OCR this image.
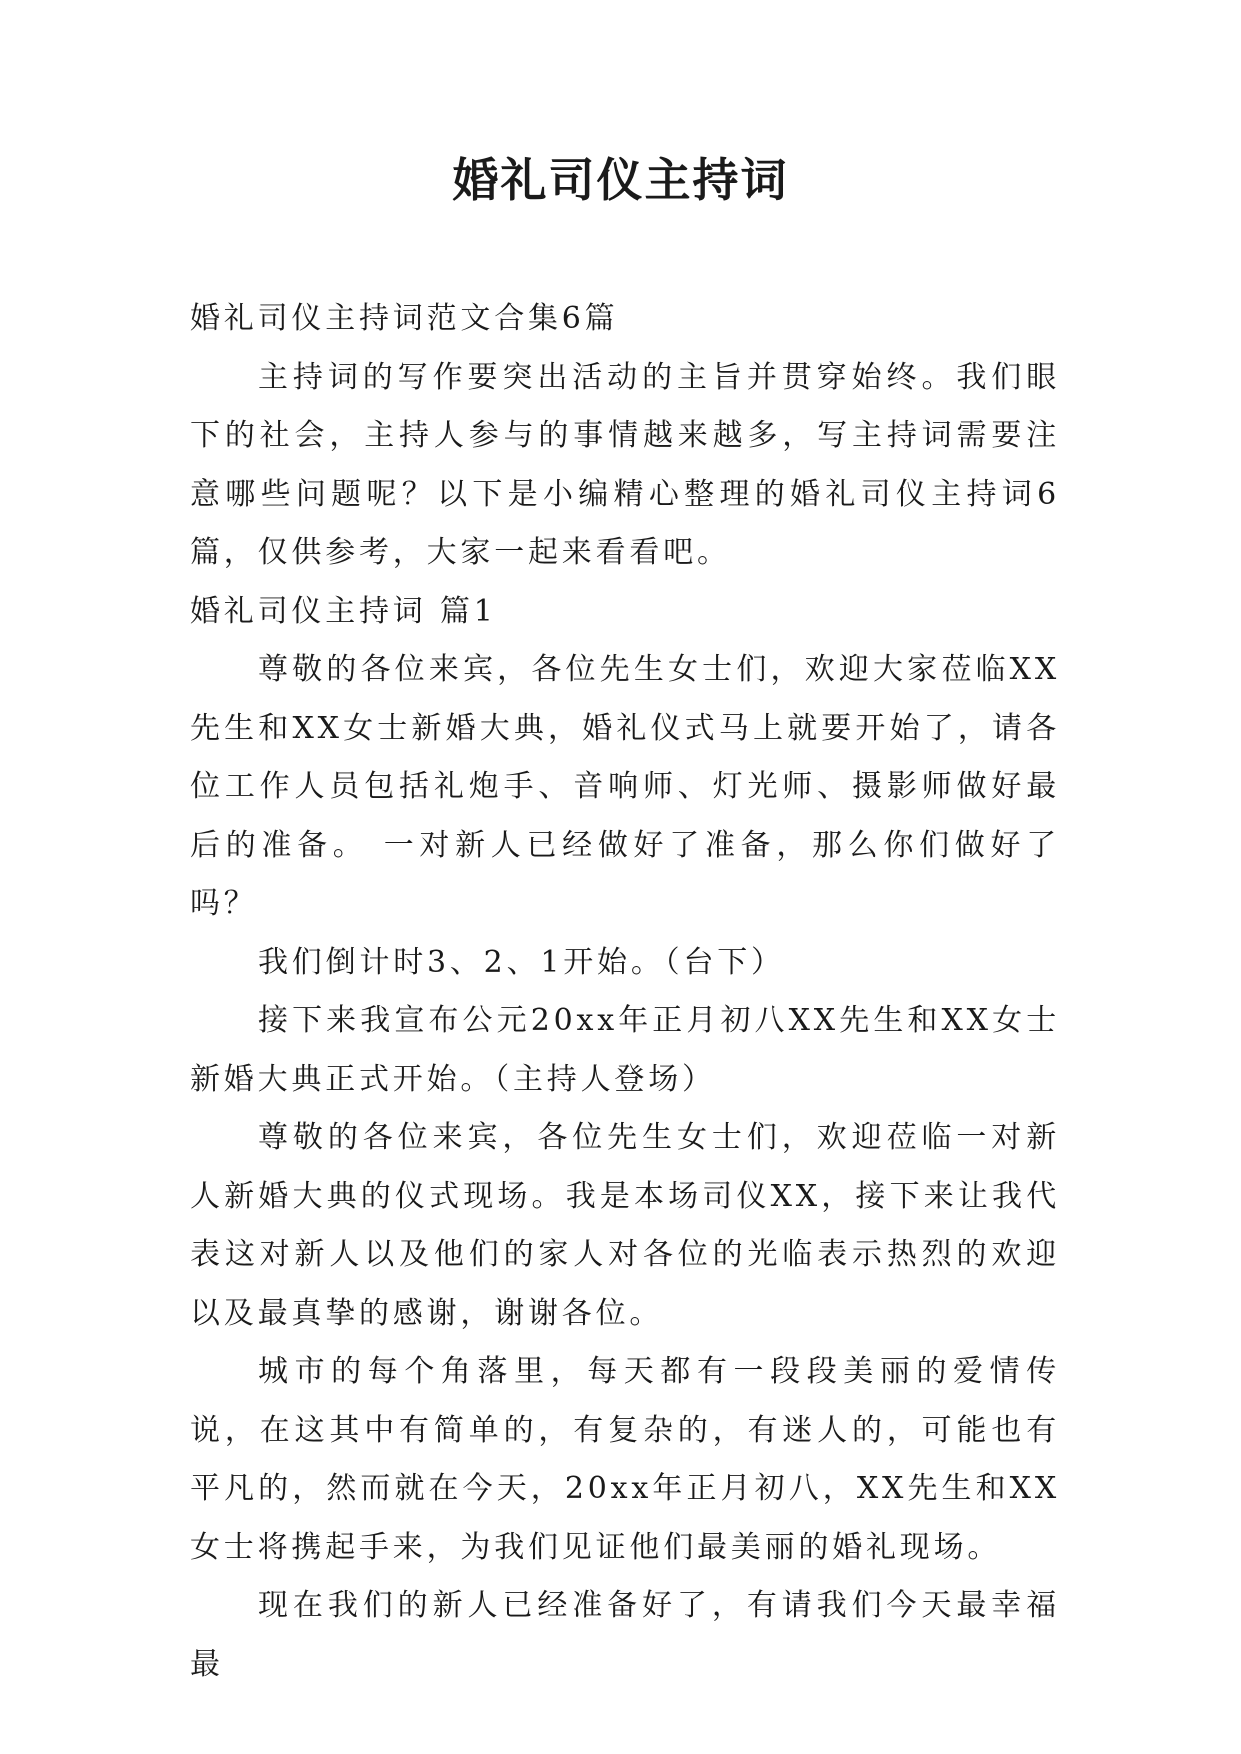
婚礼司仪主持词

婚礼司仪主持词范文合集6篇

主持词的写作要突出活动的主旨并贯穿始终。我们眼下的社会，主持人参与的事情越来越多，写主持词需要注意哪些问题呢？以下是小编精心整理的婚礼司仪主持词6篇，仅供参考，大家一起来看看吧。

婚礼司仪主持词 篇1

尊敬的各位来宾，各位先生女士们，欢迎大家莅临XX先生和XX女士新婚大典，婚礼仪式马上就要开始了，请各位工作人员包括礼炮手、音响师、灯光师、摄影师做好最后的准备。 一对新人已经做好了准备，那么你们做好了吗？

我们倒计时3、2、1开始。（台下）

接下来我宣布公元20xx年正月初八XX先生和XX女士新婚大典正式开始。（主持人登场）

尊敬的各位来宾，各位先生女士们，欢迎莅临一对新人新婚大典的仪式现场。我是本场司仪XX，接下来让我代表这对新人以及他们的家人对各位的光临表示热烈的欢迎以及最真挚的感谢，谢谢各位。

城市的每个角落里，每天都有一段段美丽的爱情传说，在这其中有简单的，有复杂的，有迷人的，可能也有平凡的，然而就在今天，20xx年正月初八，XX先生和XX女士将携起手来，为我们见证他们最美丽的婚礼现场。

现在我们的新人已经准备好了，有请我们今天最幸福最
